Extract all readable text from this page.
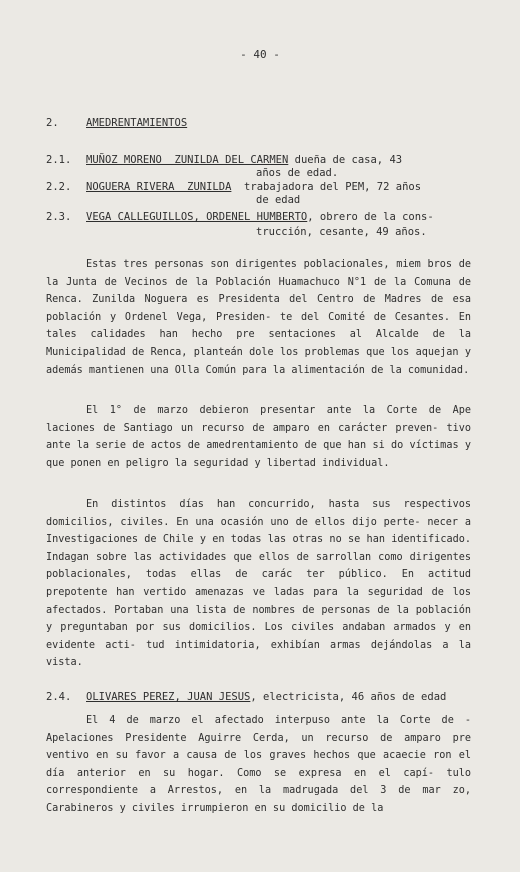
- 40 -
2.	AMEDRENTAMIENTOS
2.1. MUÑOZ MORENO  ZUNILDA DEL CARMEN dueña de casa, 43
años de edad.
2.2. NOGUERA RIVERA  ZUNILDA  trabajadora del PEM, 72 años
de edad
2.3. VEGA CALLEGUILLOS, ORDENEL HUMBERTO, obrero de la cons-
trucción, cesante, 49 años.
Estas tres personas son dirigentes poblacionales, miem bros de la Junta de Vecinos de la Población Huamachuco N°1 de la Comuna de Renca. Zunilda Noguera es Presidenta del Centro de Madres de esa población y Ordenel Vega, Presiden- te del Comité de Cesantes. En tales calidades han hecho pre sentaciones al Alcalde de la Municipalidad de Renca, planteán dole los problemas que los aquejan y además mantienen una Olla Común para la alimentación de la comunidad.
El 1° de marzo debieron presentar ante la Corte de Ape laciones de Santiago un recurso de amparo en carácter preven- tivo ante la serie de actos de amedrentamiento de que han si do víctimas y que ponen en peligro la seguridad y libertad individual.
En distintos días han concurrido, hasta sus respectivos domicilios, civiles. En una ocasión uno de ellos dijo perte- necer a Investigaciones de Chile y en todas las otras no se han identificado. Indagan sobre las actividades que ellos de sarrollan como dirigentes poblacionales, todas ellas de carác ter público. En actitud prepotente han vertido amenazas ve ladas para la seguridad de los afectados. Portaban una lista de nombres de personas de la población y preguntaban por sus domicilios. Los civiles andaban armados y en evidente acti- tud intimidatoria, exhibían armas dejándolas a la vista.
2.4. OLIVARES PEREZ, JUAN JESUS, electricista, 46 años de edad
El 4 de marzo el afectado interpuso ante la Corte de - Apelaciones Presidente Aguirre Cerda, un recurso de amparo pre ventivo en su favor a causa de los graves hechos que acaecie ron el día anterior en su hogar. Como se expresa en el capí- tulo correspondiente a Arrestos, en la madrugada del 3 de mar zo, Carabineros y civiles irrumpieron en su domicilio de la
